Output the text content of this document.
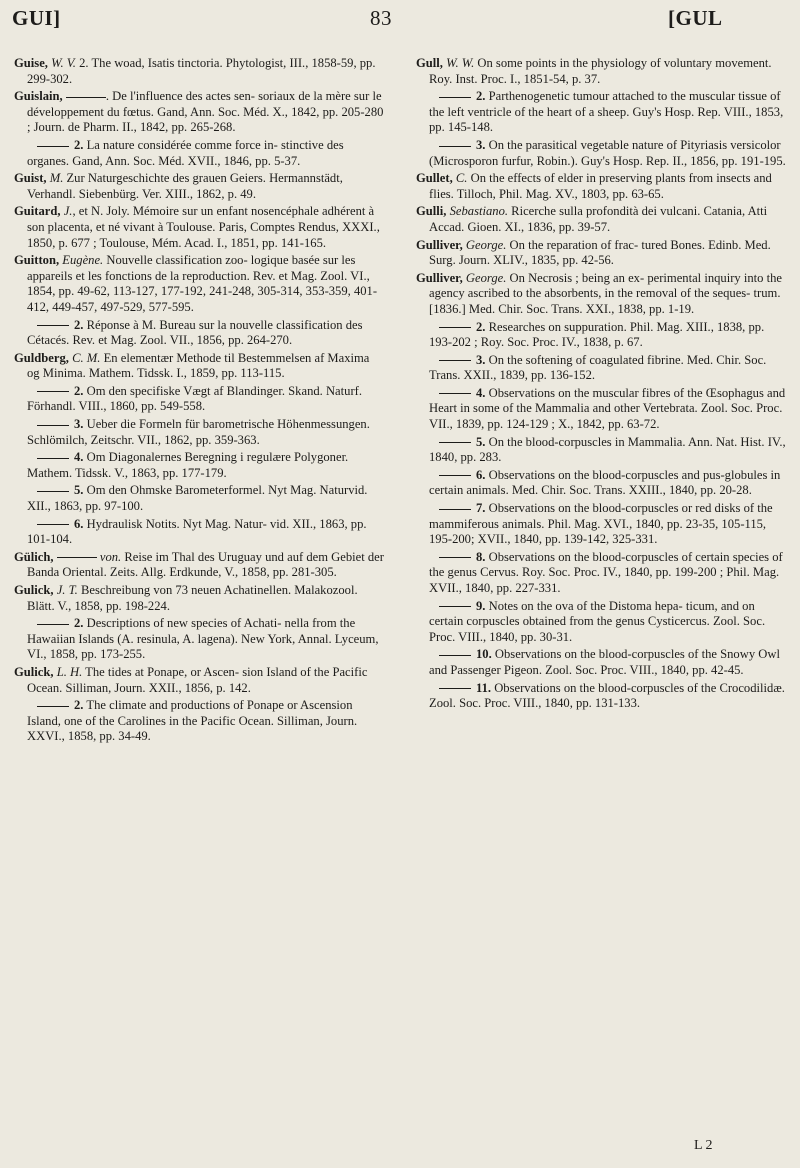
GUI]	83	[GUL

Guise, W. V. 2. The woad, Isatis tinctoria. Phytologist, III., 1858-59, pp. 299-302.

Guislain,	. De l'influence des actes sen- soriaux de la mère sur le développement du fœtus. Gand, Ann. Soc. Méd. X., 1842, pp. 205-280 ; Journ. de Pharm. II., 1842, pp. 265-268.

2. La nature considérée comme force in- stinctive des organes. Gand, Ann. Soc. Méd. XVII., 1846, pp. 5-37.

Guist, M. Zur Naturgeschichte des grauen Geiers. Hermannstädt, Verhandl. Siebenbürg. Ver. XIII., 1862, p. 49.

Guitard, J., et N. Joly. Mémoire sur un enfant nosencéphale adhérent à son placenta, et né vivant à Toulouse. Paris, Comptes Rendus, XXXI., 1850, p. 677 ; Toulouse, Mém. Acad. I., 1851, pp. 141-165.

Guitton, Eugène. Nouvelle classification zoo- logique basée sur les appareils et les fonctions de la reproduction. Rev. et Mag. Zool. VI., 1854, pp. 49-62, 113-127, 177-192, 241-248, 305-314, 353-359, 401-412, 449-457, 497-529, 577-595.

2. Réponse à M. Bureau sur la nouvelle classification des Cétacés. Rev. et Mag. Zool. VII., 1856, pp. 264-270.

Guldberg, C. M. En elementær Methode til Bestemmelsen af Maxima og Minima. Mathem. Tidssk. I., 1859, pp. 113-115.

2. Om den specifiske Vægt af Blandinger. Skand. Naturf. Förhandl. VIII., 1860, pp. 549-558.

3. Ueber die Formeln für barometrische Höhenmessungen. Schlömilch, Zeitschr. VII., 1862, pp. 359-363.

4. Om Diagonalernes Beregning i regulære Polygoner. Mathem. Tidssk. V., 1863, pp. 177-179.

5. Om den Ohmske Barometerformel. Nyt Mag. Naturvid. XII., 1863, pp. 97-100.

6. Hydraulisk Notits. Nyt Mag. Natur- vid. XII., 1863, pp. 101-104.

Gülich,	von. Reise im Thal des Uruguay und auf dem Gebiet der Banda Oriental. Zeits. Allg. Erdkunde, V., 1858, pp. 281-305.

Gulick, J. T. Beschreibung von 73 neuen Achatinellen. Malakozool. Blätt. V., 1858, pp. 198-224.

2. Descriptions of new species of Achati- nella from the Hawaiian Islands (A. resinula, A. lagena). New York, Annal. Lyceum, VI., 1858, pp. 173-255.

Gulick, L. H. The tides at Ponape, or Ascen- sion Island of the Pacific Ocean. Silliman, Journ. XXII., 1856, p. 142.

2. The climate and productions of Ponape or Ascension Island, one of the Carolines in the Pacific Ocean. Silliman, Journ. XXVI., 1858, pp. 34-49.

Gull, W. W. On some points in the physiology of voluntary movement. Roy. Inst. Proc. I., 1851-54, p. 37.

2. Parthenogenetic tumour attached to the muscular tissue of the left ventricle of the heart of a sheep. Guy's Hosp. Rep. VIII., 1853, pp. 145-148.

3. On the parasitical vegetable nature of Pityriasis versicolor (Microsporon furfur, Robin.). Guy's Hosp. Rep. II., 1856, pp. 191-195.

Gullet, C. On the effects of elder in preserving plants from insects and flies. Tilloch, Phil. Mag. XV., 1803, pp. 63-65.

Gulli, Sebastiano. Ricerche sulla profondità dei vulcani. Catania, Atti Accad. Gioen. XI., 1836, pp. 39-57.

Gulliver, George. On the reparation of frac- tured Bones. Edinb. Med. Surg. Journ. XLIV., 1835, pp. 42-56.

Gulliver, George. On Necrosis ; being an ex- perimental inquiry into the agency ascribed to the absorbents, in the removal of the seques- trum. [1836.] Med. Chir. Soc. Trans. XXI., 1838, pp. 1-19.

2. Researches on suppuration. Phil. Mag. XIII., 1838, pp. 193-202 ; Roy. Soc. Proc. IV., 1838, p. 67.

3. On the softening of coagulated fibrine. Med. Chir. Soc. Trans. XXII., 1839, pp. 136-152.

4. Observations on the muscular fibres of the Œsophagus and Heart in some of the Mammalia and other Vertebrata. Zool. Soc. Proc. VII., 1839, pp. 124-129 ; X., 1842, pp. 63-72.

5. On the blood-corpuscles in Mammalia. Ann. Nat. Hist. IV., 1840, pp. 283.

6. Observations on the blood-corpuscles and pus-globules in certain animals. Med. Chir. Soc. Trans. XXIII., 1840, pp. 20-28.

7. Observations on the blood-corpuscles or red disks of the mammiferous animals. Phil. Mag. XVI., 1840, pp. 23-35, 105-115, 195-200; XVII., 1840, pp. 139-142, 325-331.

8. Observations on the blood-corpuscles of certain species of the genus Cervus. Roy. Soc. Proc. IV., 1840, pp. 199-200 ; Phil. Mag. XVII., 1840, pp. 227-331.

9. Notes on the ova of the Distoma hepa- ticum, and on certain corpuscles obtained from the genus Cysticercus. Zool. Soc. Proc. VIII., 1840, pp. 30-31.

10. Observations on the blood-corpuscles of the Snowy Owl and Passenger Pigeon. Zool. Soc. Proc. VIII., 1840, pp. 42-45.

11. Observations on the blood-corpuscles of the Crocodilidæ. Zool. Soc. Proc. VIII., 1840, pp. 131-133.

L 2
